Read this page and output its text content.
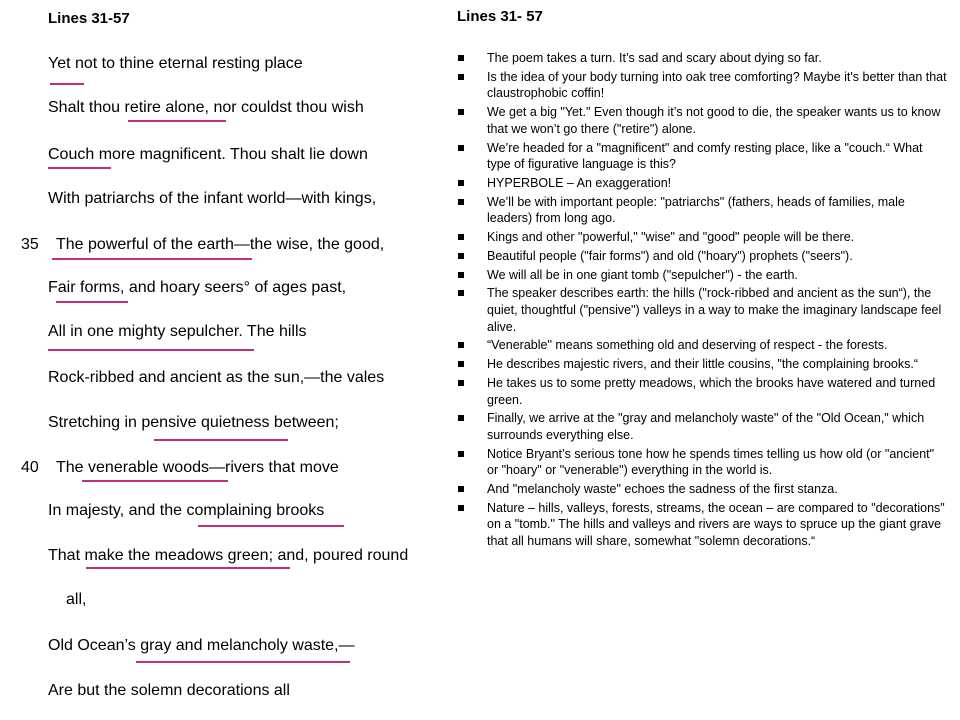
Lines 31-57
Yet not to thine eternal resting place
Shalt thou retire alone, nor couldst thou wish
Couch more magnificent. Thou shalt lie down
With patriarchs of the infant world—with kings,
35 The powerful of the earth—the wise, the good,
Fair forms, and hoary seers° of ages past,
All in one mighty sepulcher. The hills
Rock-ribbed and ancient as the sun,—the vales
Stretching in pensive quietness between;
40 The venerable woods—rivers that move
In majesty, and the complaining brooks
That make the meadows green; and, poured round
all,
Old Ocean’s gray and melancholy waste,—
Are but the solemn decorations all
Lines 31- 57
The poem takes a turn. It’s sad and scary about dying so far.
Is the idea of your body turning into oak tree comforting? Maybe it's better than that claustrophobic coffin!
We get a big "Yet." Even though it’s not good to die, the speaker wants us to know that we won’t go there ("retire") alone.
We’re headed for a "magnificent" and comfy resting place, like a "couch.“ What type of figurative language is this?
HYPERBOLE – An exaggeration!
We’ll be with important people: "patriarchs" (fathers, heads of families, male leaders) from long ago.
Kings and other "powerful," "wise" and "good" people will be there.
Beautiful people ("fair forms") and old ("hoary") prophets ("seers").
We will all be in one giant tomb ("sepulcher") - the earth.
The speaker describes earth: the hills ("rock-ribbed and ancient as the sun“), the quiet, thoughtful ("pensive") valleys in a way to make the imaginary landscape feel alive.
“Venerable" means something old and deserving of respect - the forests.
He describes majestic rivers, and their little cousins, "the complaining brooks.“
He takes us to some pretty meadows, which the brooks have watered and turned green.
Finally, we arrive at the "gray and melancholy waste" of the "Old Ocean," which surrounds everything else.
Notice Bryant’s serious tone how he spends times telling us how old (or "ancient" or "hoary" or "venerable") everything in the world is.
And "melancholy waste" echoes the sadness of the first stanza.
Nature – hills, valleys, forests, streams, the ocean – are compared to "decorations" on a "tomb." The hills and valleys and rivers are ways to spruce up the giant grave that all humans will share, somewhat "solemn decorations.“
